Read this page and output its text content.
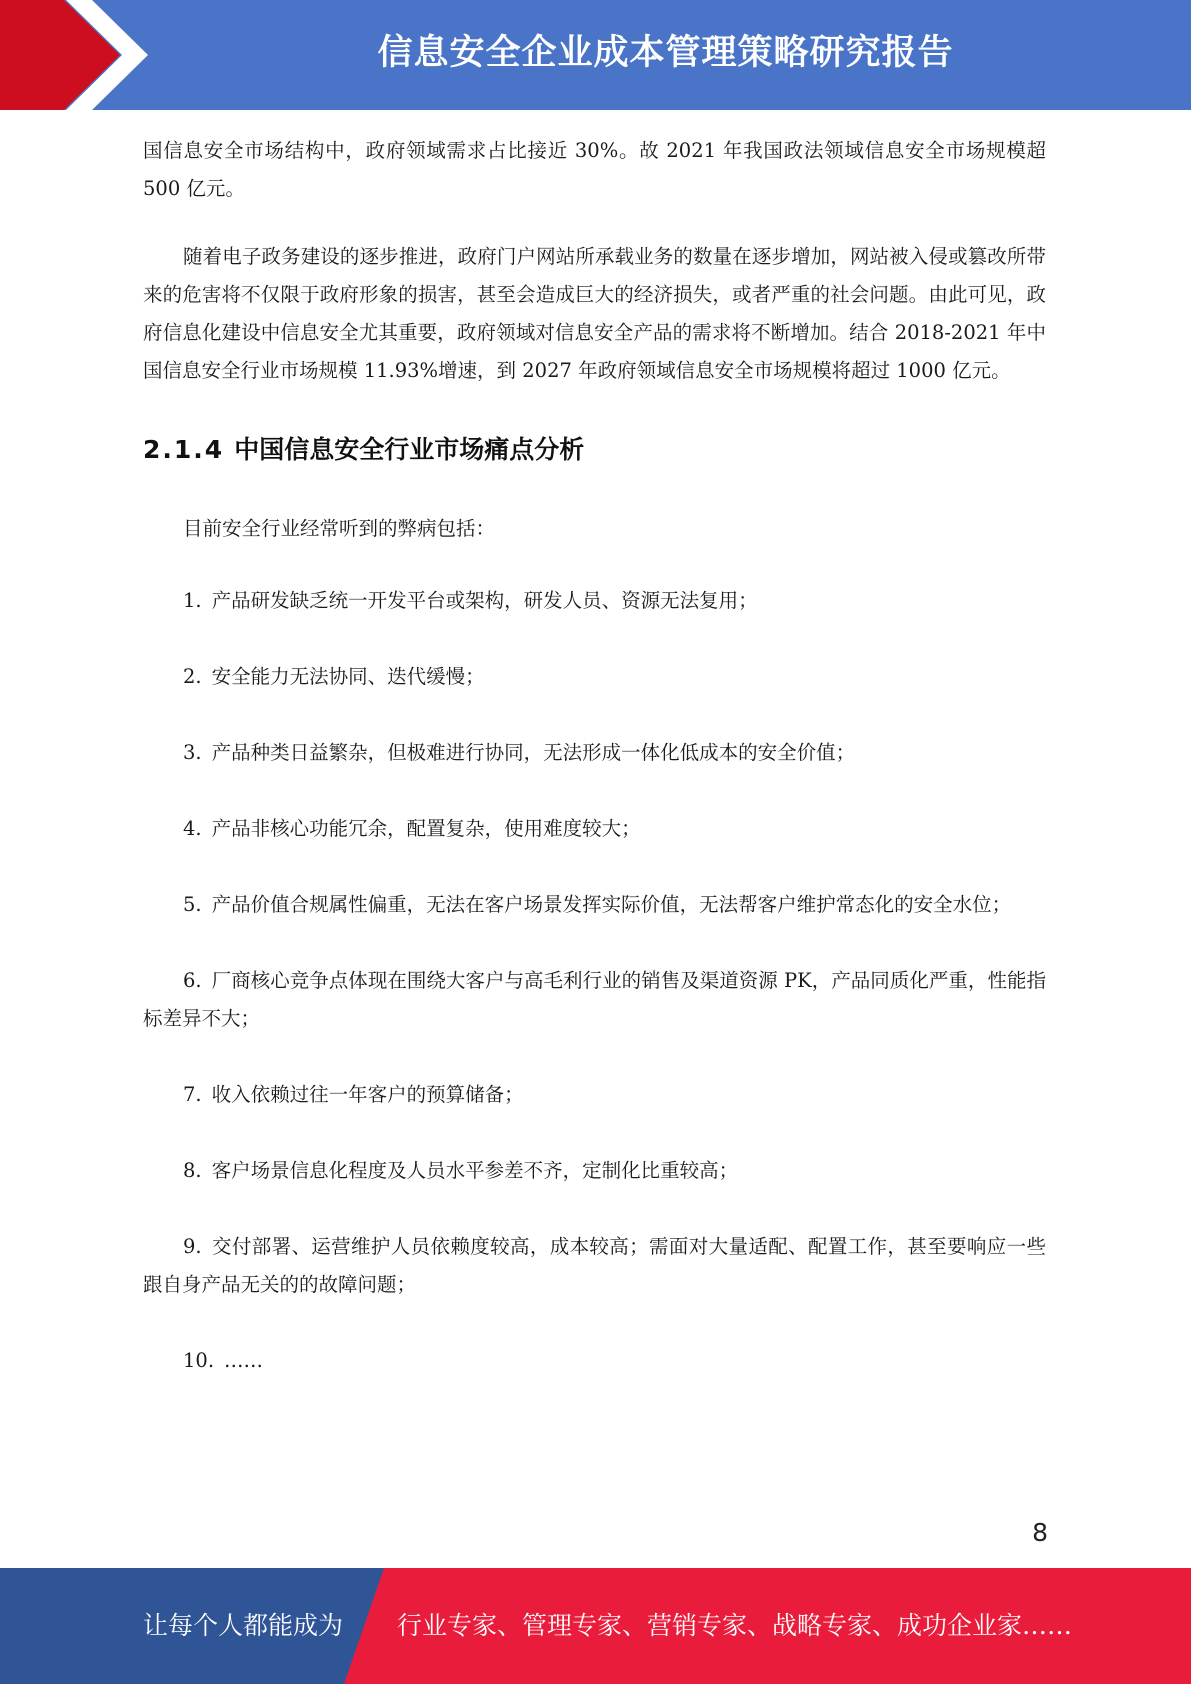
信息安全企业成本管理策略研究报告

国信息安全市场结构中，政府领域需求占比接近 30%。故 2021 年我国政法领域信息安全市场规模超 500 亿元。

随着电子政务建设的逐步推进，政府门户网站所承载业务的数量在逐步增加，网站被入侵或篡改所带来的危害将不仅限于政府形象的损害，甚至会造成巨大的经济损失，或者严重的社会问题。由此可见，政府信息化建设中信息安全尤其重要，政府领域对信息安全产品的需求将不断增加。结合 2018-2021 年中国信息安全行业市场规模 11.93%增速，到 2027 年政府领域信息安全市场规模将超过 1000 亿元。

2.1.4 中国信息安全行业市场痛点分析

目前安全行业经常听到的弊病包括：

1. 产品研发缺乏统一开发平台或架构，研发人员、资源无法复用；

2. 安全能力无法协同、迭代缓慢；

3. 产品种类日益繁杂，但极难进行协同，无法形成一体化低成本的安全价值；

4. 产品非核心功能冗余，配置复杂，使用难度较大；

5. 产品价值合规属性偏重，无法在客户场景发挥实际价值，无法帮客户维护常态化的安全水位；

6. 厂商核心竞争点体现在围绕大客户与高毛利行业的销售及渠道资源 PK，产品同质化严重，性能指标差异不大；

7. 收入依赖过往一年客户的预算储备；

8. 客户场景信息化程度及人员水平参差不齐，定制化比重较高；

9. 交付部署、运营维护人员依赖度较高，成本较高；需面对大量适配、配置工作，甚至要响应一些跟自身产品无关的的故障问题；

10. ……

8
让每个人都能成为 行业专家、管理专家、营销专家、战略专家、成功企业家……
